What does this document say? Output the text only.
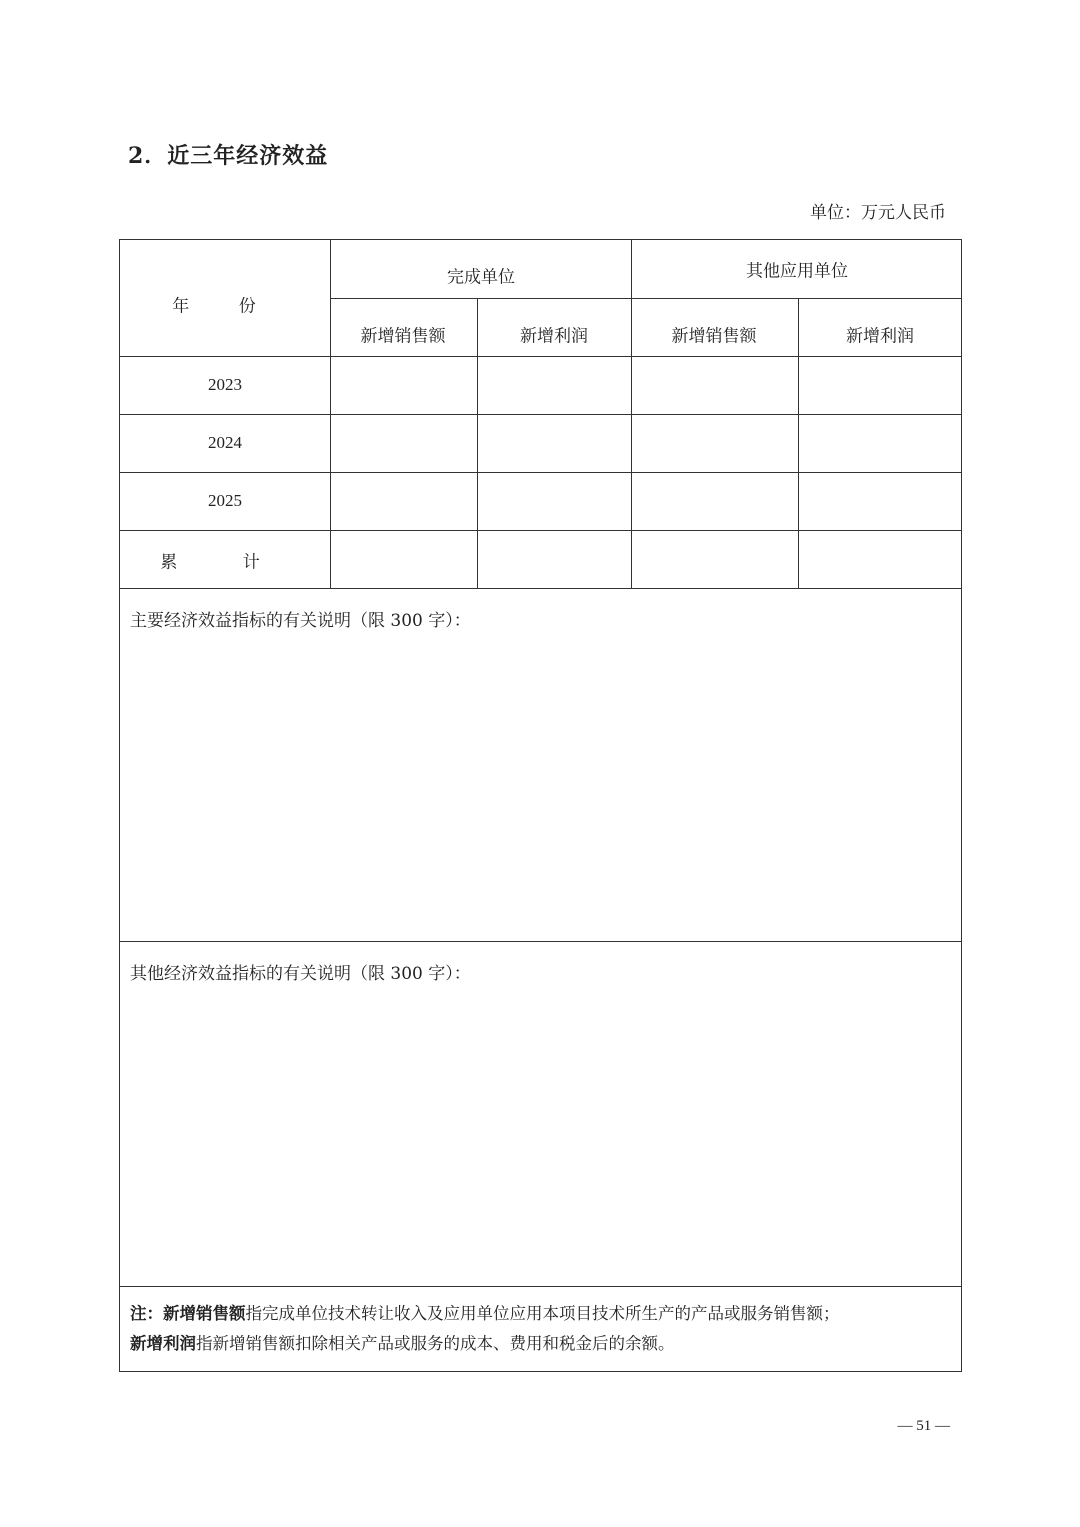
2．近三年经济效益
单位：万元人民币
年 份
完成单位	其他应用单位
新增销售额	新增利润	新增销售额	新增利润
2023
2024
2025
累 计
主要经济效益指标的有关说明（限 300 字）：
其他经济效益指标的有关说明（限 300 字）：
注：新增销售额指完成单位技术转让收入及应用单位应用本项目技术所生产的产品或服务销售额；
新增利润指新增销售额扣除相关产品或服务的成本、费用和税金后的余额。
— 51 —
